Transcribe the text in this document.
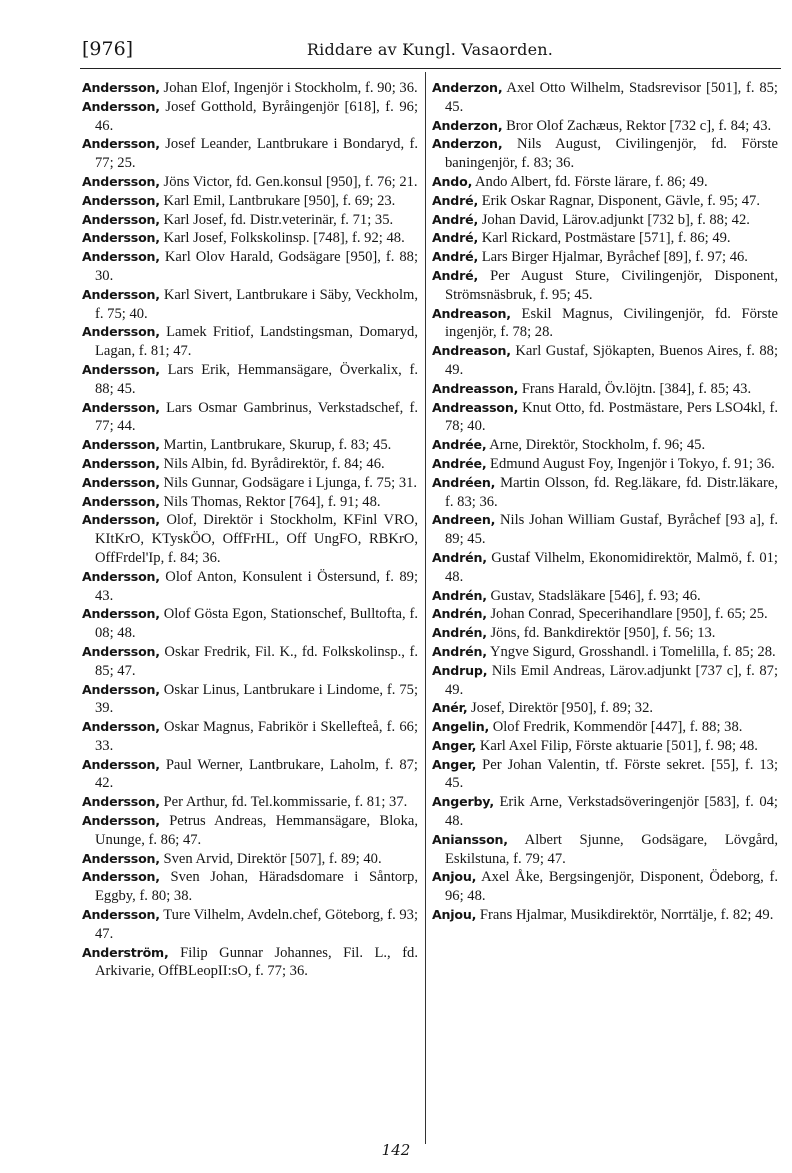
[976]	Riddare av Kungl. Vasaorden.

Andersson, Johan Elof, Ingenjör i Stockholm, f. 90; 36.

Andersson, Josef Gotthold, Byråingenjör [618], f. 96; 46.

Andersson, Josef Leander, Lantbrukare i Bondaryd, f. 77; 25.

Andersson, Jöns Victor, fd. Gen.konsul [950], f. 76; 21.

Andersson, Karl Emil, Lantbrukare [950], f. 69; 23.

Andersson, Karl Josef, fd. Distr.veterinär, f. 71; 35.

Andersson, Karl Josef, Folkskolinsp. [748], f. 92; 48.

Andersson, Karl Olov Harald, Godsägare [950], f. 88; 30.

Andersson, Karl Sivert, Lantbrukare i Säby, Veckholm, f. 75; 40.

Andersson, Lamek Fritiof, Landstingsman, Domaryd, Lagan, f. 81; 47.

Andersson, Lars Erik, Hemmansägare, Överkalix, f. 88; 45.

Andersson, Lars Osmar Gambrinus, Verkstadschef, f. 77; 44.

Andersson, Martin, Lantbrukare, Skurup, f. 83; 45.

Andersson, Nils Albin, fd. Byrådirektör, f. 84; 46.

Andersson, Nils Gunnar, Godsägare i Ljunga, f. 75; 31.

Andersson, Nils Thomas, Rektor [764], f. 91; 48.

Andersson, Olof, Direktör i Stockholm, KFinl VRO, KItKrO, KTyskÖO, OffFrHL, Off UngFO, RBKrO, OffFrdel'Ip, f. 84; 36.

Andersson, Olof Anton, Konsulent i Östersund, f. 89; 43.

Andersson, Olof Gösta Egon, Stationschef, Bulltofta, f. 08; 48.

Andersson, Oskar Fredrik, Fil. K., fd. Folkskolinsp., f. 85; 47.

Andersson, Oskar Linus, Lantbrukare i Lindome, f. 75; 39.

Andersson, Oskar Magnus, Fabrikör i Skellefteå, f. 66; 33.

Andersson, Paul Werner, Lantbrukare, Laholm, f. 87; 42.

Andersson, Per Arthur, fd. Tel.kommissarie, f. 81; 37.

Andersson, Petrus Andreas, Hemmansägare, Bloka, Ununge, f. 86; 47.

Andersson, Sven Arvid, Direktör [507], f. 89; 40.

Andersson, Sven Johan, Häradsdomare i Såntorp, Eggby, f. 80; 38.

Andersson, Ture Vilhelm, Avdeln.chef, Göteborg, f. 93; 47.

Anderström, Filip Gunnar Johannes, Fil. L., fd. Arkivarie, OffBLeopII:sO, f. 77; 36.

Anderzon, Axel Otto Wilhelm, Stadsrevisor [501], f. 85; 45.

Anderzon, Bror Olof Zachæus, Rektor [732 c], f. 84; 43.

Anderzon, Nils August, Civilingenjör, fd. Förste baningenjör, f. 83; 36.

Ando, Ando Albert, fd. Förste lärare, f. 86; 49.

André, Erik Oskar Ragnar, Disponent, Gävle, f. 95; 47.

André, Johan David, Lärov.adjunkt [732 b], f. 88; 42.

André, Karl Rickard, Postmästare [571], f. 86; 49.

André, Lars Birger Hjalmar, Byråchef [89], f. 97; 46.

André, Per August Sture, Civilingenjör, Disponent, Strömsnäsbruk, f. 95; 45.

Andreason, Eskil Magnus, Civilingenjör, fd. Förste ingenjör, f. 78; 28.

Andreason, Karl Gustaf, Sjökapten, Buenos Aires, f. 88; 49.

Andreasson, Frans Harald, Öv.löjtn. [384], f. 85; 43.

Andreasson, Knut Otto, fd. Postmästare, Pers LSO4kl, f. 78; 40.

Andrée, Arne, Direktör, Stockholm, f. 96; 45.

Andrée, Edmund August Foy, Ingenjör i Tokyo, f. 91; 36.

Andréen, Martin Olsson, fd. Reg.läkare, fd. Distr.läkare, f. 83; 36.

Andreen, Nils Johan William Gustaf, Byråchef [93 a], f. 89; 45.

Andrén, Gustaf Vilhelm, Ekonomidirektör, Malmö, f. 01; 48.

Andrén, Gustav, Stadsläkare [546], f. 93; 46.

Andrén, Johan Conrad, Specerihandlare [950], f. 65; 25.

Andrén, Jöns, fd. Bankdirektör [950], f. 56; 13.

Andrén, Yngve Sigurd, Grosshandl. i Tomelilla, f. 85; 28.

Andrup, Nils Emil Andreas, Lärov.adjunkt [737 c], f. 87; 49.

Anér, Josef, Direktör [950], f. 89; 32.

Angelin, Olof Fredrik, Kommendör [447], f. 88; 38.

Anger, Karl Axel Filip, Förste aktuarie [501], f. 98; 48.

Anger, Per Johan Valentin, tf. Förste sekret. [55], f. 13; 45.

Angerby, Erik Arne, Verkstadsöveringenjör [583], f. 04; 48.

Aniansson, Albert Sjunne, Godsägare, Lövgård, Eskilstuna, f. 79; 47.

Anjou, Axel Åke, Bergsingenjör, Disponent, Ödeborg, f. 96; 48.

Anjou, Frans Hjalmar, Musikdirektör, Norrtälje, f. 82; 49.

142
